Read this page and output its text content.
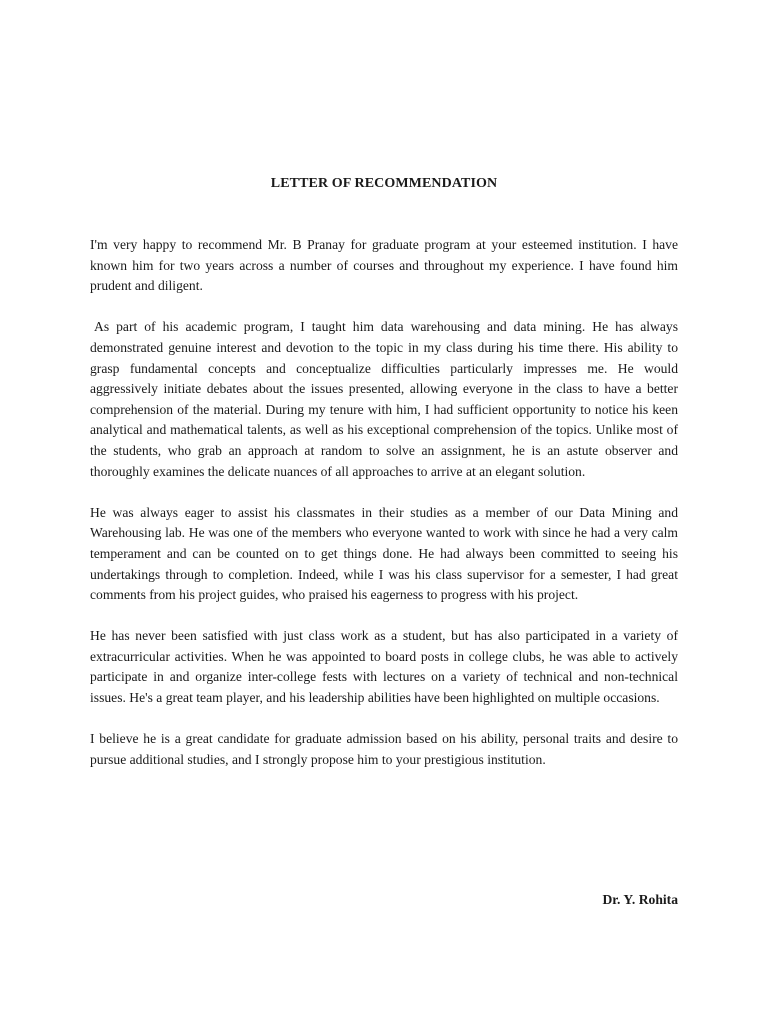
LETTER OF RECOMMENDATION

I'm very happy to recommend Mr. B Pranay for graduate program at your esteemed institution. I have known him for two years across a number of courses and throughout my experience. I have found him prudent and diligent.

As part of his academic program, I taught him data warehousing and data mining. He has always demonstrated genuine interest and devotion to the topic in my class during his time there. His ability to grasp fundamental concepts and conceptualize difficulties particularly impresses me. He would aggressively initiate debates about the issues presented, allowing everyone in the class to have a better comprehension of the material. During my tenure with him, I had sufficient opportunity to notice his keen analytical and mathematical talents, as well as his exceptional comprehension of the topics. Unlike most of the students, who grab an approach at random to solve an assignment, he is an astute observer and thoroughly examines the delicate nuances of all approaches to arrive at an elegant solution.

He was always eager to assist his classmates in their studies as a member of our Data Mining and Warehousing lab. He was one of the members who everyone wanted to work with since he had a very calm temperament and can be counted on to get things done. He had always been committed to seeing his undertakings through to completion. Indeed, while I was his class supervisor for a semester, I had great comments from his project guides, who praised his eagerness to progress with his project.

He has never been satisfied with just class work as a student, but has also participated in a variety of extracurricular activities. When he was appointed to board posts in college clubs, he was able to actively participate in and organize inter-college fests with lectures on a variety of technical and non-technical issues. He's a great team player, and his leadership abilities have been highlighted on multiple occasions.

I believe he is a great candidate for graduate admission based on his ability, personal traits and desire to pursue additional studies, and I strongly propose him to your prestigious institution.

Dr. Y. Rohita
